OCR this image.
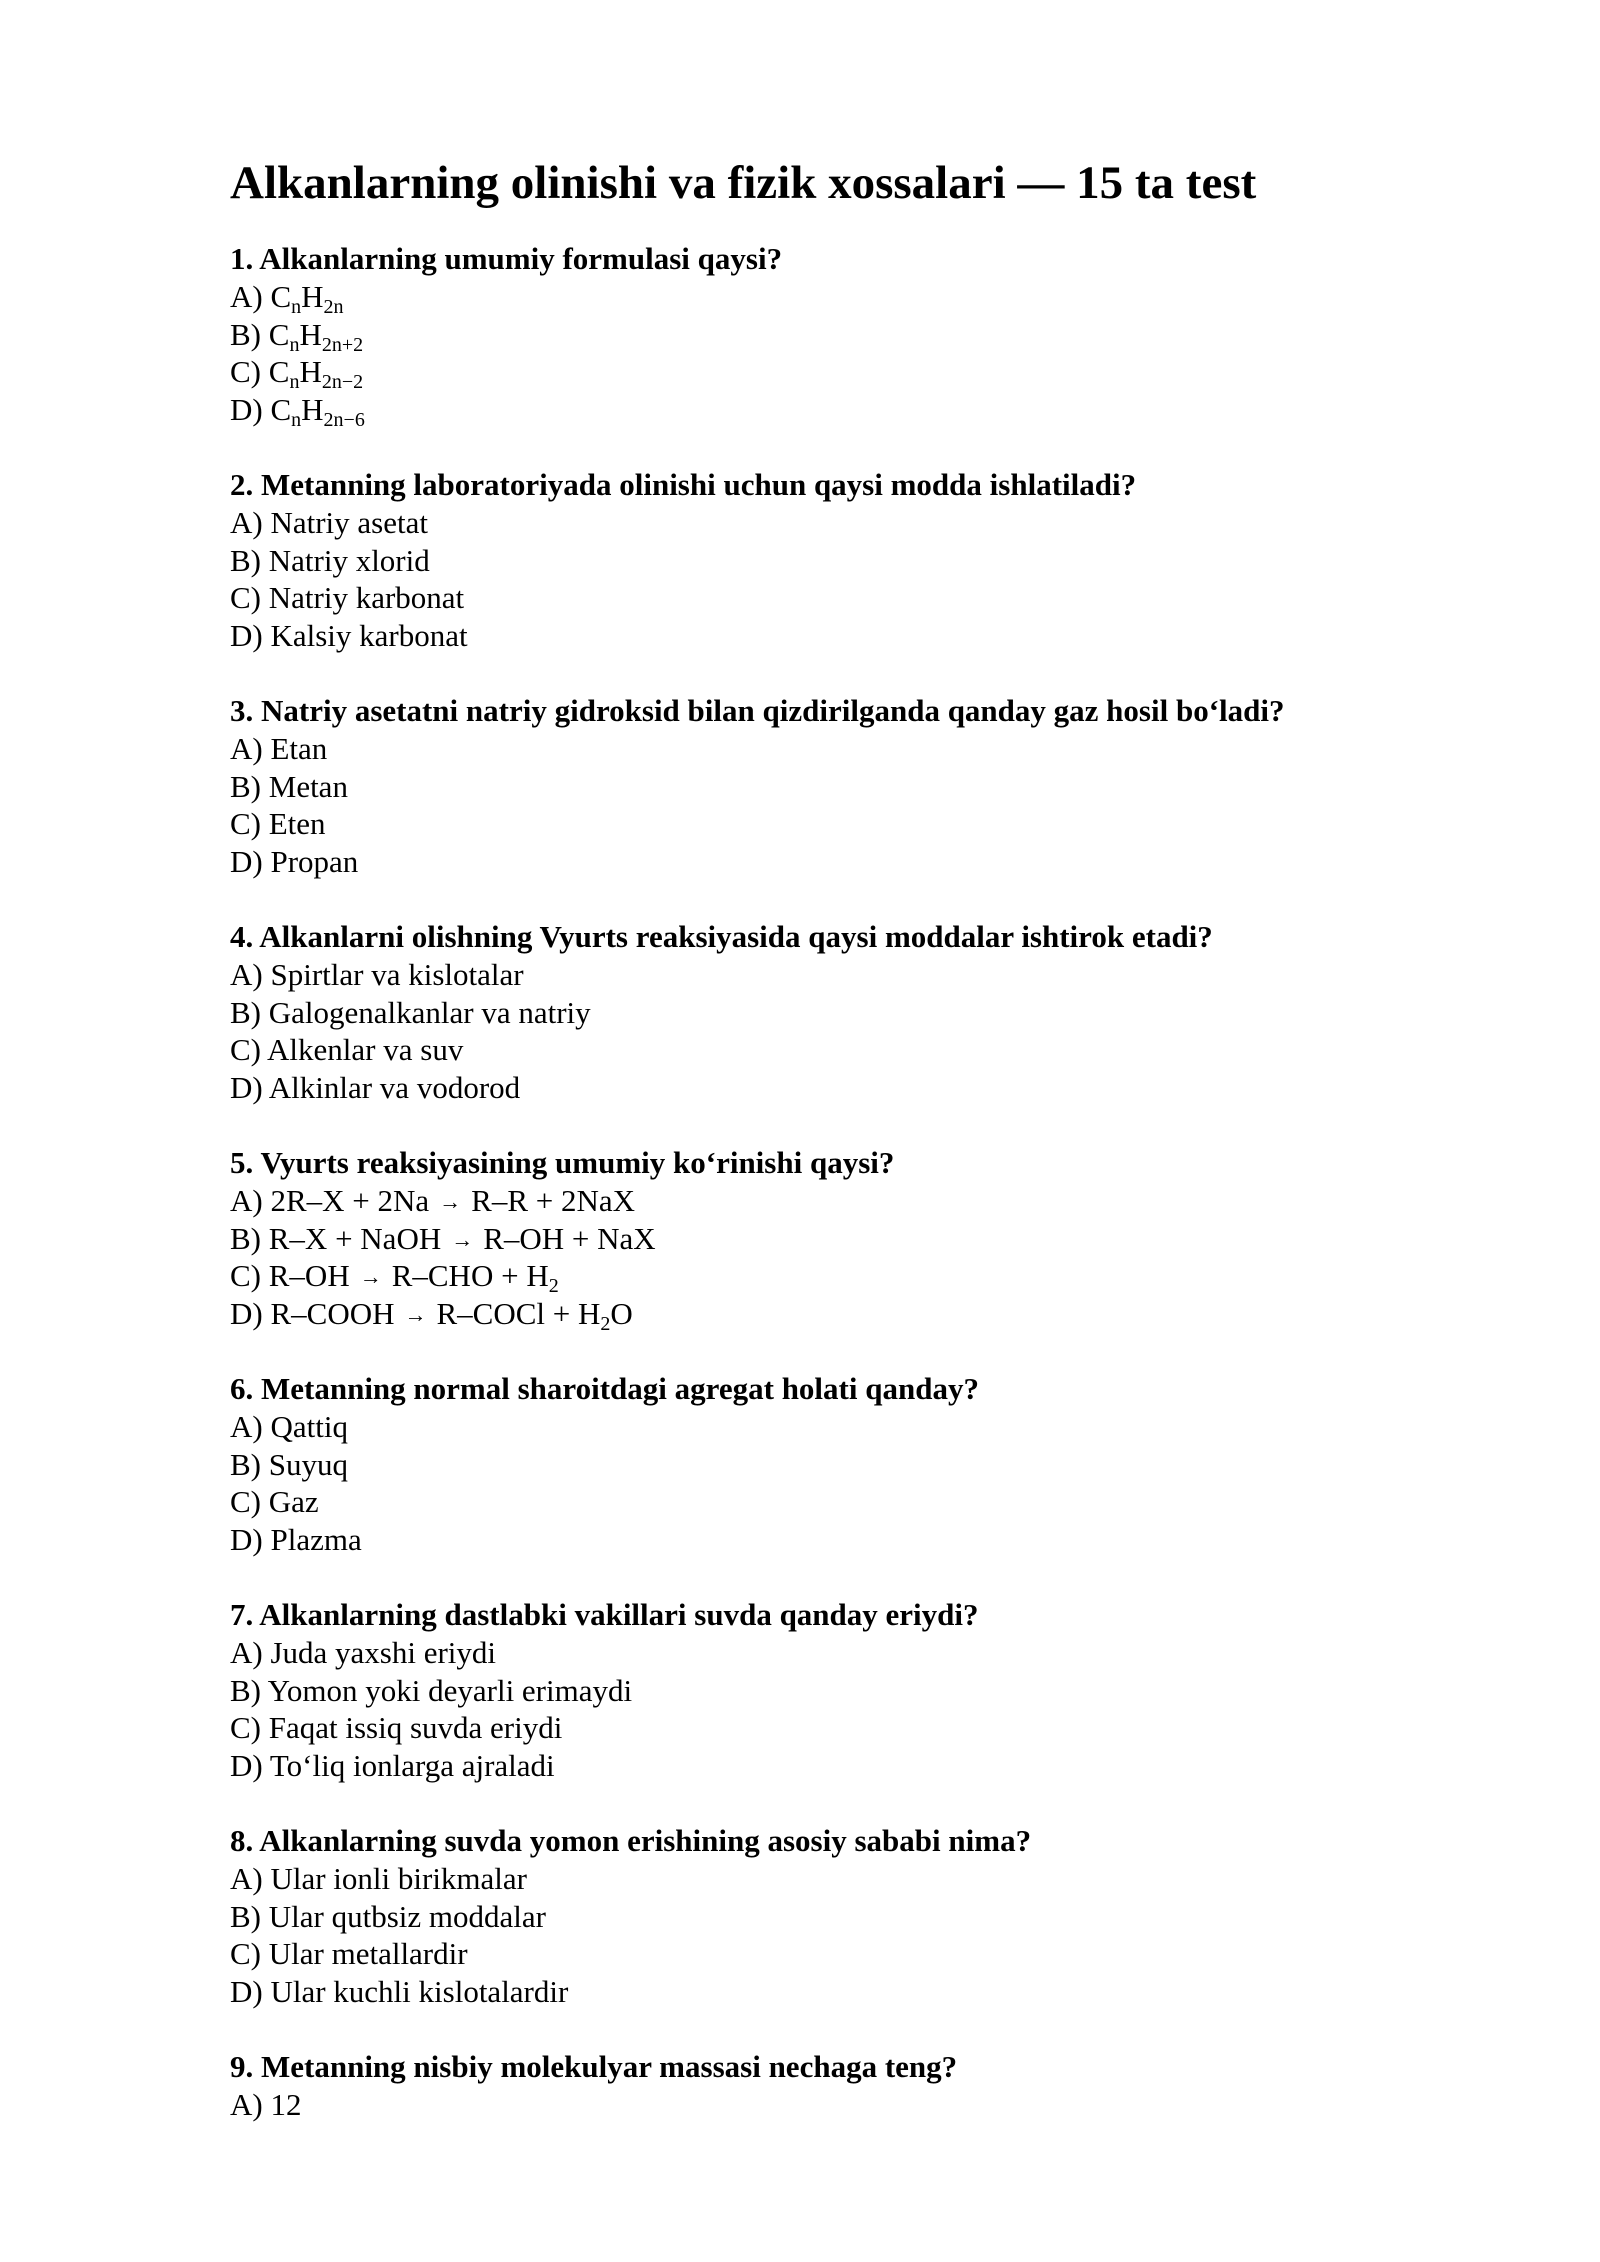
Alkanlarning olinishi va fizik xossalari — 15 ta test
1. Alkanlarning umumiy formulasi qaysi?
A) $C_nH_{2n}$
B) $C_nH_{2n+2}$
C) $C_nH_{2n-2}$
D) $C_nH_{2n-6}$
2. Metanning laboratoriyada olinishi uchun qaysi modda ishlatiladi?
A) Natriy asetat
B) Natriy xlorid
C) Natriy karbonat
D) Kalsiy karbonat
3. Natriy asetatni natriy gidroksid bilan qizdirilganda qanday gaz hosil bo‘ladi?
A) Etan
B) Metan
C) Eten
D) Propan
4. Alkanlarni olishning Vyurts reaksiyasida qaysi moddalar ishtirok etadi?
A) Spirtlar va kislotalar
B) Galogenalkanlar va natriy
C) Alkenlar va suv
D) Alkinlar va vodorod
5. Vyurts reaksiyasining umumiy ko‘rinishi qaysi?
A) 2R–X + 2Na → R–R + 2NaX
B) R–X + NaOH → R–OH + NaX
C) $R-OH \to R-CHO + H_2$
D) R–COOH → R–COCl + $H_2O$
6. Metanning normal sharoitdagi agregat holati qanday?
A) Qattiq
B) Suyuq
C) Gaz
D) Plazma
7. Alkanlarning dastlabki vakillari suvda qanday eriydi?
A) Juda yaxshi eriydi
B) Yomon yoki deyarli erimaydi
C) Faqat issiq suvda eriydi
D) To‘liq ionlarga ajraladi
8. Alkanlarning suvda yomon erishining asosiy sababi nima?
A) Ular ionli birikmalar
B) Ular qutbsiz moddalar
C) Ular metallardir
D) Ular kuchli kislotalardir
9. Metanning nisbiy molekulyar massasi nechaga teng?
A) 12
